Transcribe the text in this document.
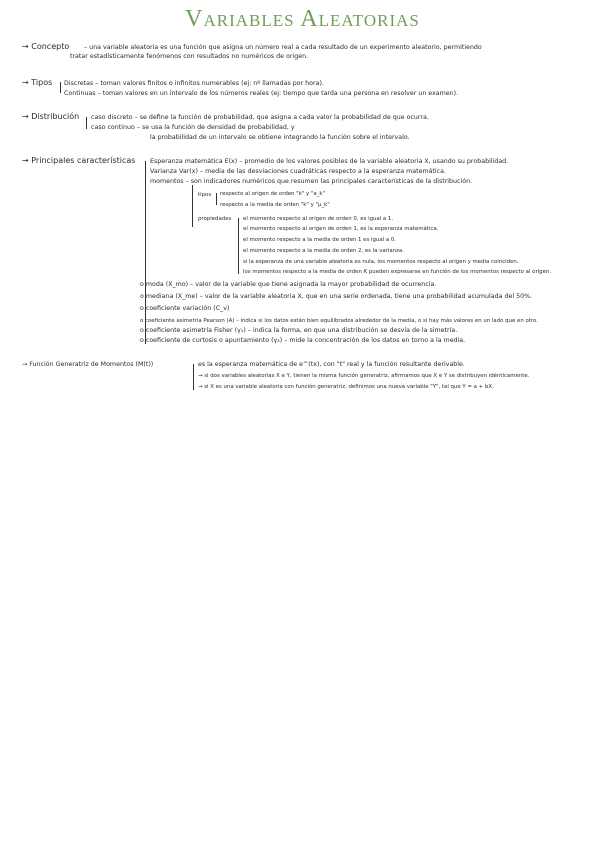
Variables Aleatorias
→ Concepto – una variable aleatoria es una función que asigna un número real a cada resultado de un experimento aleatorio, permitiendo
tratar estadísticamente fenómenos con resultados no numéricos de origen.
→ Tipos Discretas – toman valores finitos o infinitos numerables (ej: nº llamadas por hora).
Continuas – toman valores en un intervalo de los números reales (ej: tiempo que tarda una persona en resolver un examen).
→ Distribución caso discreto – se define la función de probabilidad, que asigna a cada valor la probabilidad de que ocurra.
caso continuo – se usa la función de densidad de probabilidad, y
la probabilidad de un intervalo se obtiene integrando la función sobre el intervalo.
→ Principales características Esperanza matemática E(x) – promedio de los valores posibles de la variable aleatoria X, usando su probabilidad.
Varianza Var(x) – media de las desviaciones cuadráticas respecto a la esperanza matemática.
momentos – son indicadores numéricos que resumen las principales características de la distribución.
tipos respecto al origen de orden "k" y "a_k"
respecto a la media de orden "k" y "μ_k"
propiedades el momento respecto al origen de orden 0, es igual a 1.
el momento respecto al origen de orden 1, es la esperanza matemática.
el momento respecto a la media de orden 1 es igual a 0.
el momento respecto a la media de orden 2, es la varianza.
si la esperanza de una variable aleatoria es nula, los momentos respecto al origen y media coinciden.
los momentos respecto a la media de orden K pueden expresarse en función de los momentos respecto al origen.
o moda (X_mo) – valor de la variable que tiene asignada la mayor probabilidad de ocurrencia.
o mediana (X_me) – valor de la variable aleatoria X, que en una serie ordenada, tiene una probabilidad acumulada del 50%.
o coeficiente variación (C_v)
o coeficiente asimetría Pearson (A) – indica si los datos están bien equilibrados alrededor de la media, o si hay más valores en un lado que en otro.
o coeficiente asimetría Fisher (γ₁) – indica la forma, en que una distribución se desvía de la simetría.
o coeficiente de curtosis o apuntamiento (γ₂) – mide la concentración de los datos en torno a la media.
→ Función Generatriz de Momentos (M(t))	es la esperanza matemática de e^(tx), con "t" real y la función resultante derivable.
→ si dos variables aleatorias X e Y, tienen la misma función generatriz, afirmamos que X e Y se distribuyen idénticamente.
→ si X es una variable aleatoria con función generatriz, definimos una nueva variable "Y", tal que Y = a + bX.
